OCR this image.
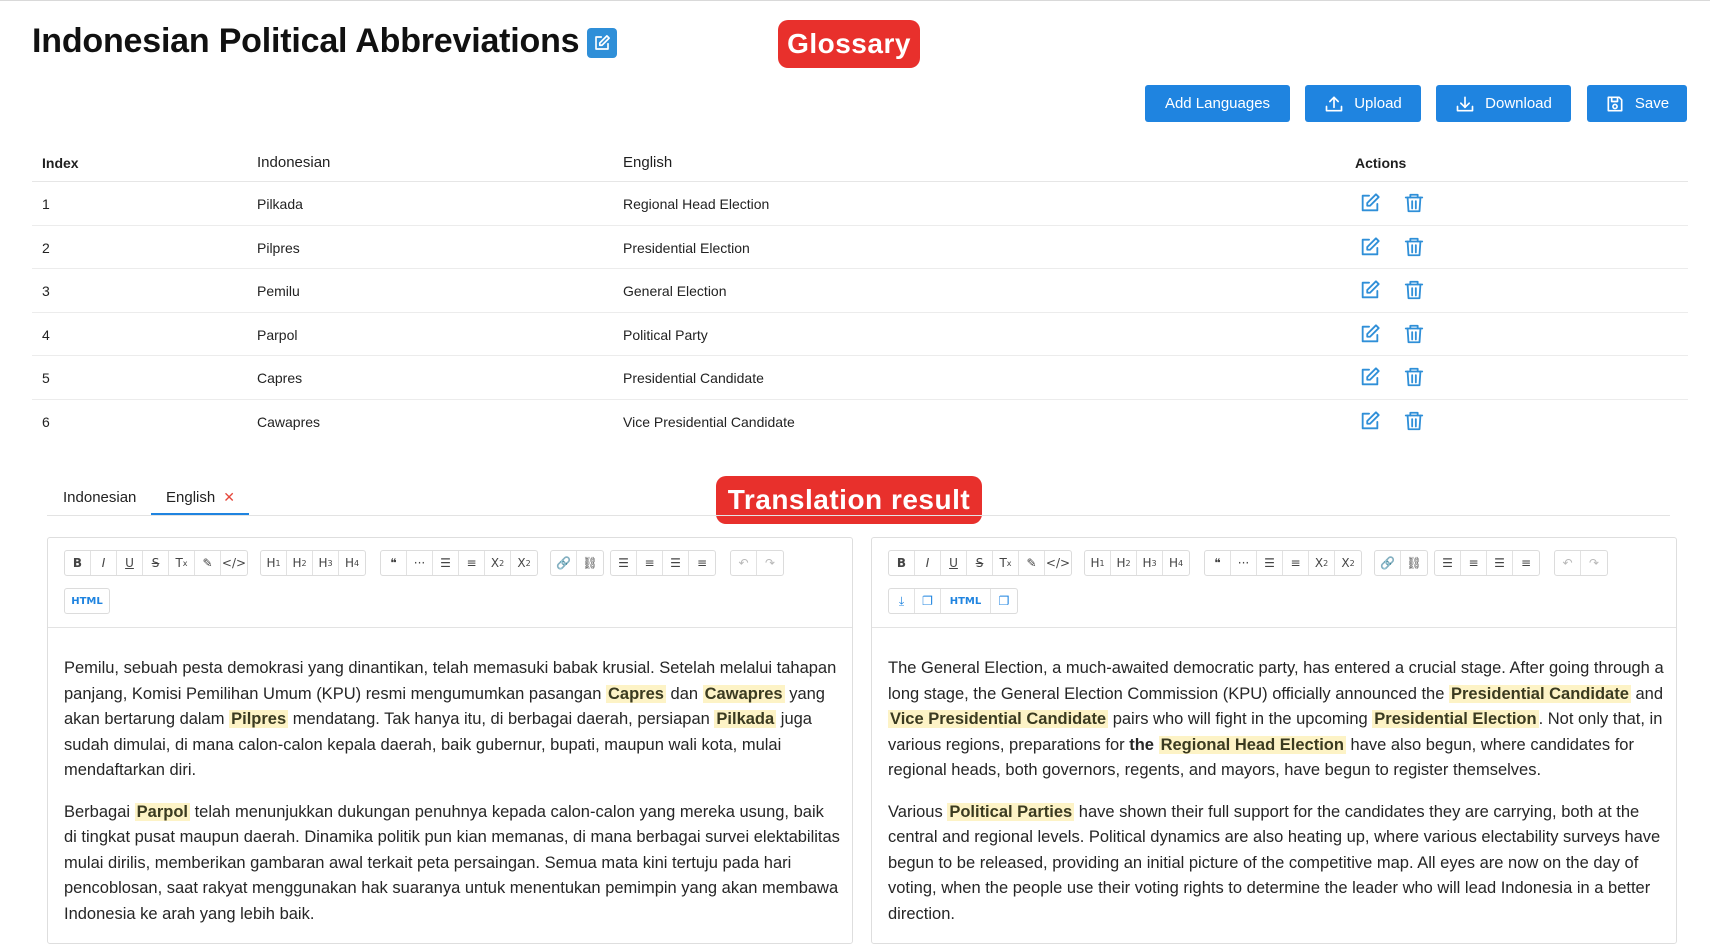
Indonesian Political Abbreviations	Glossary
Add Languages	Upload	Download	Save
Index	Indonesian	English	Actions
1	Pilkada	Regional Head Election
2	Pilpres	Presidential Election
3	Pemilu	General Election
4	Parpol	Political Party
5	Capres	Presidential Candidate
6	Cawapres	Vice Presidential Candidate
Translation result
Indonesian English ✕
B I U S	T x	✎ </>	H 1 H 2 H 3	H 4	❝	···	☰	≡	X 2	X 2	🔗 ⛓	☰	≡	☰	≡	↶	↷
HTML

Pemilu, sebuah pesta demokrasi yang dinantikan, telah memasuki babak krusial. Setelah melalui tahapan panjang, Komisi Pemilihan Umum (KPU) resmi mengumumkan pasangan Capres dan Cawapres yang akan bertarung dalam Pilpres mendatang. Tak hanya itu, di berbagai daerah, persiapan Pilkada juga sudah dimulai, di mana calon-calon kepala daerah, baik gubernur, bupati, maupun wali kota, mulai mendaftarkan diri.

Berbagai Parpol telah menunjukkan dukungan penuhnya kepada calon-calon yang mereka usung, baik di tingkat pusat maupun daerah. Dinamika politik pun kian memanas, di mana berbagai survei elektabilitas mulai dirilis, memberikan gambaran awal terkait peta persaingan. Semua mata kini tertuju pada hari pencoblosan, saat rakyat menggunakan hak suaranya untuk menentukan pemimpin yang akan membawa Indonesia ke arah yang lebih baik.

B I U S	T x	✎ </>	H 1 H 2 H 3	H 4	❝	···	☰	≡	X 2	X 2	🔗 ⛓	☰	≡	☰	≡	↶	↷
⤓	❐	HTML	❐

The General Election, a much-awaited democratic party, has entered a crucial stage. After going through a long stage, the General Election Commission (KPU) officially announced the Presidential Candidate and Vice Presidential Candidate pairs who will fight in the upcoming Presidential Election . Not only that, in various regions, preparations for the Regional Head Election have also begun, where candidates for regional heads, both governors, regents, and mayors, have begun to register themselves.

Various Political Parties have shown their full support for the candidates they are carrying, both at the central and regional levels. Political dynamics are also heating up, where various electability surveys have begun to be released, providing an initial picture of the competitive map. All eyes are now on the day of voting, when the people use their voting rights to determine the leader who will lead Indonesia in a better direction.
